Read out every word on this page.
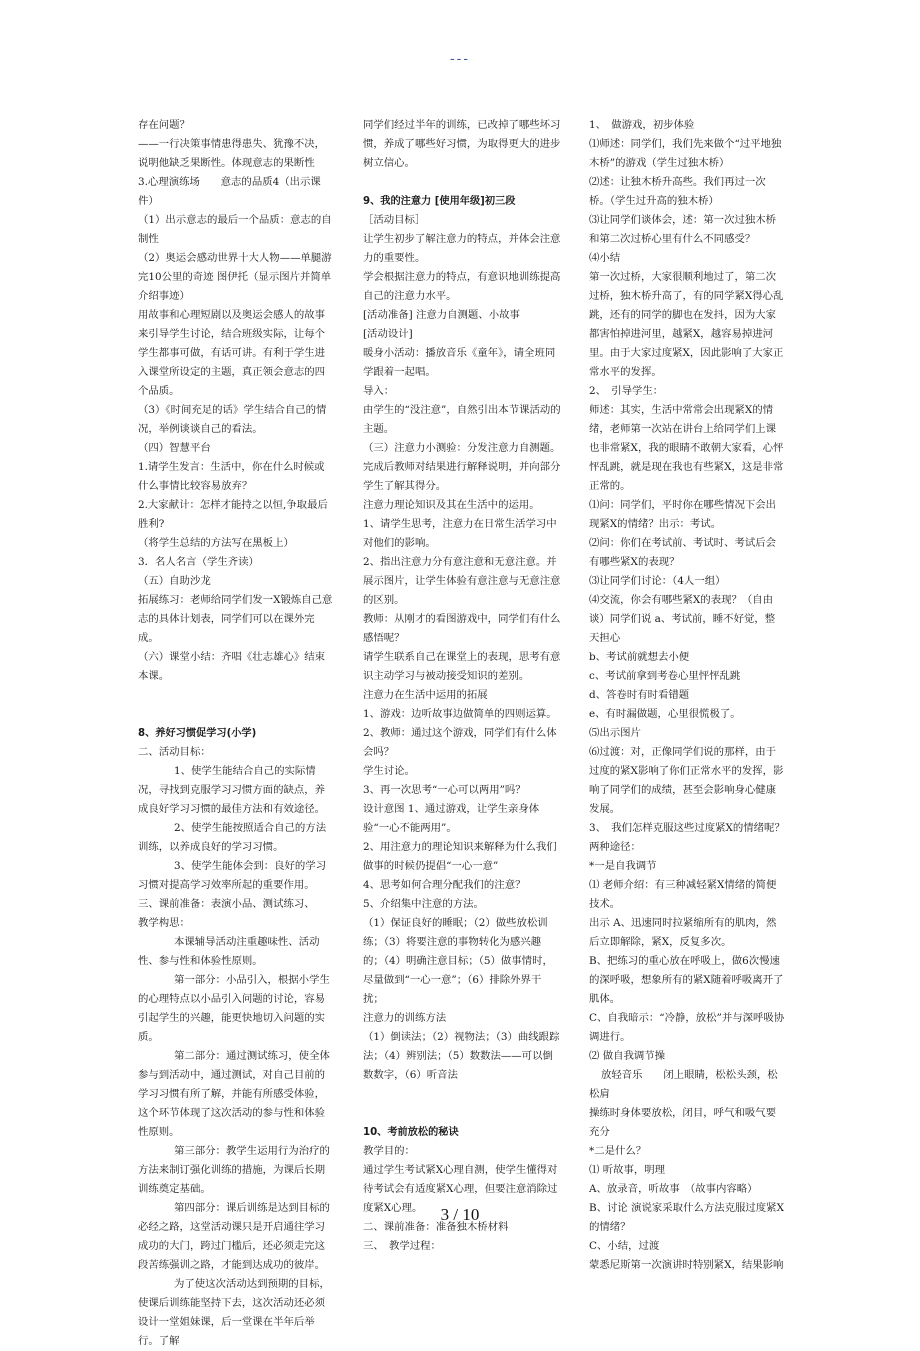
---

存在问题？

——一行决策事情患得患失、犹豫不决，说明他缺乏果断性。体现意志的果断性

3.心理演练场　　意志的品质4（出示课件）

（1）出示意志的最后一个品质：意志的自制性

（2）奥运会感动世界十大人物——单腿游完10公里的奇迹 图伊托（显示图片并简单介绍事迹）

用故事和心理短剧以及奥运会感人的故事来引导学生讨论，结合班级实际，让每个学生都事可做，有话可讲。有利于学生进入课堂所设定的主题，真正领会意志的四个品质。

（3）《时间充足的话》学生结合自己的情况，举例谈谈自己的看法。

（四）智慧平台

1.请学生发言：生活中，你在什么时候或什么事情比较容易放弃？

2.大家献计：怎样才能持之以恒,争取最后胜利?

（将学生总结的方法写在黑板上）

3．名人名言（学生齐读）

（五）自助沙龙

拓展练习：老师给同学们发一X锻炼自己意志的具体计划表，同学们可以在课外完成。

（六）课堂小结：齐唱《壮志雄心》结束本课。

8、养好习惯促学习(小学)

二、活动目标：

1、使学生能结合自己的实际情况，寻找到克服学习习惯方面的缺点，养成良好学习习惯的最佳方法和有效途径。

2、使学生能按照适合自己的方法训练，以养成良好的学习习惯。

3、使学生能体会到：良好的学习习惯对提高学习效率所起的重要作用。

三、课前准备：表演小品、测试练习、

教学构思：

本课辅导活动注重趣味性、活动性、参与性和体验性原则。

第一部分：小品引入，根据小学生的心理特点以小品引入问题的讨论，容易引起学生的兴趣，能更快地切入问题的实质。

第二部分：通过测试练习，使全体参与到活动中，通过测试，对自己目前的学习习惯有所了解，并能有所感受体验，这个环节体现了这次活动的参与性和体验性原则。

第三部分：教学生运用行为治疗的方法来制订强化训练的措施，为课后长期训练奠定基础。

第四部分：课后训练是达到目标的必经之路，这堂活动课只是开启通往学习成功的大门，跨过门槛后，还必须走完这段苦练强训之路，才能到达成功的彼岸。

为了使这次活动达到预期的目标，使课后训练能坚持下去，这次活动还必须设计一堂姐妹课，后一堂课在半年后举行。了解

同学们经过半年的训练，已改掉了哪些坏习惯，养成了哪些好习惯，为取得更大的进步树立信心。

9、我的注意力 [使用年级]初三段

［活动目标］

让学生初步了解注意力的特点，并体会注意力的重要性。

学会根据注意力的特点，有意识地训练提高自己的注意力水平。

[活动准备] 注意力自测题、小故事

[活动设计]

暖身小活动：播放音乐《童年》，请全班同学跟着一起唱。

导入：

由学生的“没注意”，自然引出本节课活动的主题。

（三）注意力小测验：分发注意力自测题。完成后教师对结果进行解释说明，并向部分学生了解其得分。

注意力理论知识及其在生活中的运用。

1、请学生思考，注意力在日常生活学习中对他们的影响。

2、指出注意力分有意注意和无意注意。并展示图片，让学生体验有意注意与无意注意的区别。

教师：从刚才的看图游戏中，同学们有什么感悟呢？

请学生联系自己在课堂上的表现，思考有意识主动学习与被动接受知识的差别。

注意力在生活中运用的拓展

1、游戏：边听故事边做简单的四则运算。

2、教师：通过这个游戏，同学们有什么体会吗？

学生讨论。

3、再一次思考“一心可以两用”吗？

设计意图 1、通过游戏，让学生亲身体验“一心不能两用”。

2、用注意力的理论知识来解释为什么我们做事的时候仍提倡“一心一意”

4、思考如何合理分配我们的注意？

5、介绍集中注意的方法。

（1）保证良好的睡眠；（2）做些放松训练；（3）将要注意的事物转化为感兴趣的；（4）明确注意目标；（5）做事情时，尽量做到“一心一意”；（6）排除外界干扰；

注意力的训练方法

（1）倒读法；（2）视物法；（3）曲线跟踪法；（4）辨别法；（5）数数法——可以倒数数字，（6）听音法

10、考前放松的秘诀

教学目的：

通过学生考试紧X心理自测，使学生懂得对待考试会有适度紧X心理，但要注意消除过度紧X心理。

二、课前准备：准备独木桥材料

三、　教学过程：

1、　做游戏，初步体验

⑴师述：同学们，我们先来做个“过平地独木桥”的游戏（学生过独木桥）

⑵述：让独木桥升高些。我们再过一次桥。（学生过升高的独木桥）

⑶让同学们谈体会，述：第一次过独木桥和第二次过桥心里有什么不同感受？

⑷小结

第一次过桥，大家很顺利地过了，第二次过桥，独木桥升高了，有的同学紧X得心乱跳，还有的同学的脚也在发抖，因为大家都害怕掉进河里，越紧X，越容易掉进河里。由于大家过度紧X，因此影响了大家正常水平的发挥。

2、　引导学生：

师述：其实，生活中常常会出现紧X的情绪，老师第一次站在讲台上给同学们上课也非常紧X，我的眼睛不敢朝大家看，心怦怦乱跳，就是现在我也有些紧X，这是非常正常的。

⑴问：同学们，平时你在哪些情况下会出现紧X的情绪？出示：考试。

⑵问：你们在考试前、考试时、考试后会有哪些紧X的表现？

⑶让同学们讨论：（4人一组）

⑷交流，你会有哪些紧X的表现？（自由谈）同学们说 a、考试前，睡不好觉，整天担心

b、考试前就想去小便

c、考试前拿到考卷心里怦怦乱跳

d、答卷时有时看错题

e、有时漏做题，心里很慌极了。

⑸出示图片

⑹过渡：对，正像同学们说的那样，由于过度的紧X影响了你们正常水平的发挥，影响了同学们的成绩，甚至会影响身心健康发展。

3、　我们怎样克服这些过度紧X的情绪呢？两种途径：

*一是自我调节

⑴ 老师介绍：有三种减轻紧X情绪的简便技术。

出示 A、迅速同时拉紧缩所有的肌肉，然后立即解除，紧X，反复多次。

B、把练习的重心放在呼吸上，做6次慢速的深呼吸，想象所有的紧X随着呼吸离开了肌体。

C、自我暗示：“冷静，放松”并与深呼吸协调进行。

⑵ 做自我调节操

放轻音乐　　闭上眼睛，松松头颈，松松肩

操练时身体要放松，闭目，呼气和吸气要充分

*二是什么？

⑴ 听故事，明理

A、放录音，听故事　（故事内容略）

B、讨论 演说家采取什么方法克服过度紧X的情绪？

C、小结，过渡

蒙悉尼斯第一次演讲时特别紧X，结果影响

3 / 10
